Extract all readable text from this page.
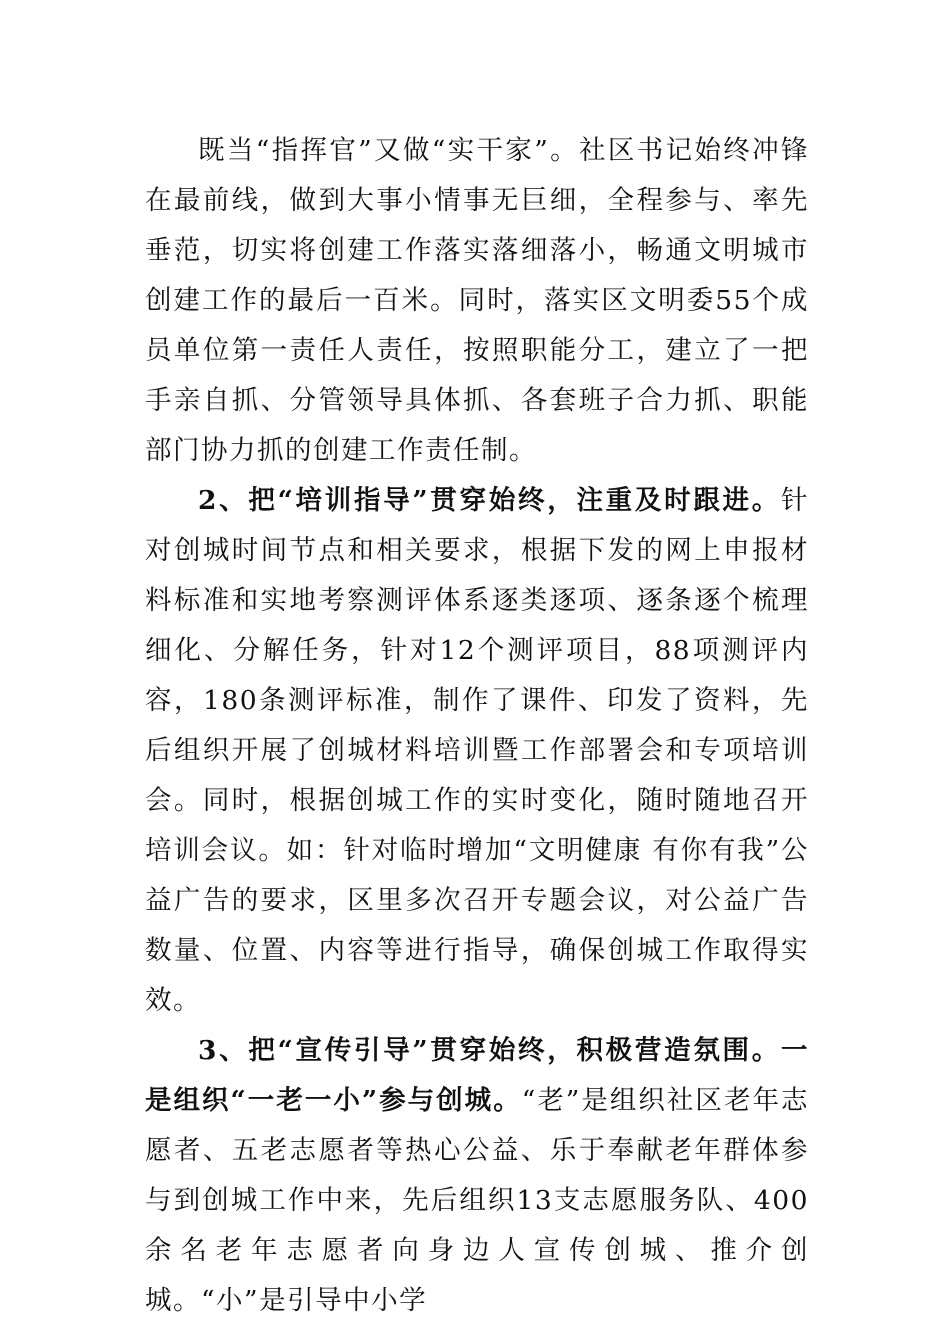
既当“指挥官”又做“实干家”。社区书记始终冲锋在最前线，做到大事小情事无巨细，全程参与、率先垂范，切实将创建工作落实落细落小，畅通文明城市创建工作的最后一百米。同时，落实区文明委55个成员单位第一责任人责任，按照职能分工，建立了一把手亲自抓、分管领导具体抓、各套班子合力抓、职能部门协力抓的创建工作责任制。

2、把“培训指导”贯穿始终，注重及时跟进。针对创城时间节点和相关要求，根据下发的网上申报材料标准和实地考察测评体系逐类逐项、逐条逐个梳理细化、分解任务，针对12个测评项目，88项测评内容，180条测评标准，制作了课件、印发了资料，先后组织开展了创城材料培训暨工作部署会和专项培训会。同时，根据创城工作的实时变化，随时随地召开培训会议。如：针对临时增加“文明健康 有你有我”公益广告的要求，区里多次召开专题会议，对公益广告数量、位置、内容等进行指导，确保创城工作取得实效。

3、把“宣传引导”贯穿始终，积极营造氛围。一是组织“一老一小”参与创城。“老”是组织社区老年志愿者、五老志愿者等热心公益、乐于奉献老年群体参与到创城工作中来，先后组织13支志愿服务队、400余名老年志愿者向身边人宣传创城、推介创城。“小”是引导中小学
